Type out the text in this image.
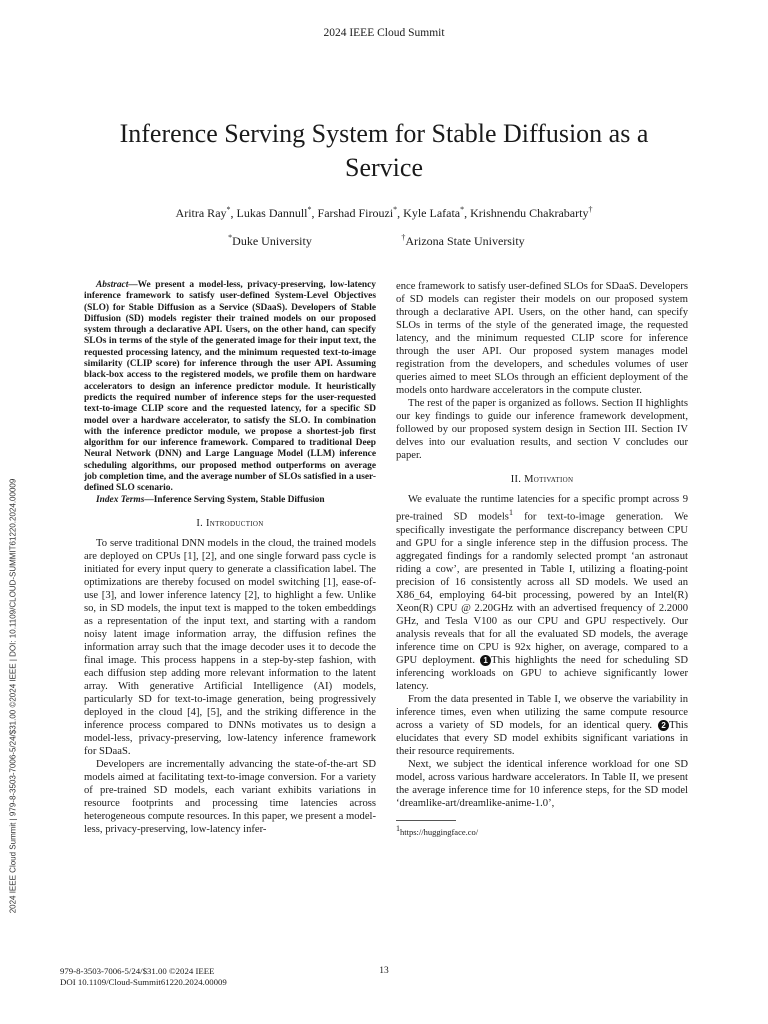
2024 IEEE Cloud Summit
Inference Serving System for Stable Diffusion as a
Service
Aritra Ray*, Lukas Dannull*, Farshad Firouzi*, Kyle Lafata*, Krishnendu Chakrabarty†
*Duke University	†Arizona State University
2024 IEEE Cloud Summit | 979-8-3503-7006-5/24/$31.00 ©2024 IEEE | DOI: 10.1109/CLOUD-SUMMIT61220.2024.00009

Abstract—We present a model-less, privacy-preserving, low-latency inference framework to satisfy user-defined System-Level Objectives (SLO) for Stable Diffusion as a Service (SDaaS). Developers of Stable Diffusion (SD) models register their trained models on our proposed system through a declarative API. Users, on the other hand, can specify SLOs in terms of the style of the generated image for their input text, the requested processing latency, and the minimum requested text-to-image similarity (CLIP score) for inference through the user API. Assuming black-box access to the registered models, we profile them on hardware accelerators to design an inference predictor module. It heuristically predicts the required number of inference steps for the user-requested text-to-image CLIP score and the requested latency, for a specific SD model over a hardware accelerator, to satisfy the SLO. In combination with the inference predictor module, we propose a shortest-job first algorithm for our inference framework. Compared to traditional Deep Neural Network (DNN) and Large Language Model (LLM) inference scheduling algorithms, our proposed method outperforms on average job completion time, and the average number of SLOs satisfied in a user-defined SLO scenario.

Index Terms—Inference Serving System, Stable Diffusion

I. Introduction

To serve traditional DNN models in the cloud, the trained models are deployed on CPUs [1], [2], and one single forward pass cycle is initiated for every input query to generate a classification label. The optimizations are thereby focused on model switching [1], ease-of-use [3], and lower inference latency [2], to highlight a few. Unlike so, in SD models, the input text is mapped to the token embeddings as a representation of the input text, and starting with a random noisy latent image information array, the diffusion refines the information array such that the image decoder uses it to decode the final image. This process happens in a step-by-step fashion, with each diffusion step adding more relevant information to the latent array. With generative Artificial Intelligence (AI) models, particularly SD for text-to-image generation, being progressively deployed in the cloud [4], [5], and the striking difference in the inference process compared to DNNs motivates us to design a model-less, privacy-preserving, low-latency inference framework for SDaaS.

Developers are incrementally advancing the state-of-the-art SD models aimed at facilitating text-to-image conversion. For a variety of pre-trained SD models, each variant exhibits variations in resource footprints and processing time latencies across heterogeneous compute resources. In this paper, we present a model-less, privacy-preserving, low-latency infer-

ence framework to satisfy user-defined SLOs for SDaaS. Developers of SD models can register their models on our proposed system through a declarative API. Users, on the other hand, can specify SLOs in terms of the style of the generated image, the requested latency, and the minimum requested CLIP score for inference through the user API. Our proposed system manages model registration from the developers, and schedules volumes of user queries aimed to meet SLOs through an efficient deployment of the models onto hardware accelerators in the compute cluster.

The rest of the paper is organized as follows. Section II highlights our key findings to guide our inference framework development, followed by our proposed system design in Section III. Section IV delves into our evaluation results, and section V concludes our paper.

II. Motivation

We evaluate the runtime latencies for a specific prompt across 9 pre-trained SD models$^1$ for text-to-image generation. We specifically investigate the performance discrepancy between CPU and GPU for a single inference step in the diffusion process. The aggregated findings for a randomly selected prompt ‘an astronaut riding a cow’, are presented in Table I, utilizing a floating-point precision of 16 consistently across all SD models. We used an X86_64, employing 64-bit processing, powered by an Intel(R) Xeon(R) CPU @ 2.20GHz with an advertised frequency of 2.2000 GHz, and Tesla V100 as our CPU and GPU respectively. Our analysis reveals that for all the evaluated SD models, the average inference time on CPU is 92x higher, on average, compared to a GPU deployment. 1 This highlights the need for scheduling SD inferencing workloads on GPU to achieve significantly lower latency.

From the data presented in Table I, we observe the variability in inference times, even when utilizing the same compute resource across a variety of SD models, for an identical query. 2 This elucidates that every SD model exhibits significant variations in their resource requirements.

Next, we subject the identical inference workload for one SD model, across various hardware accelerators. In Table II, we present the average inference time for 10 inference steps, for the SD model ‘dreamlike-art/dreamlike-anime-1.0’,

$^1$https://huggingface.co/

979-8-3503-7006-5/24/$31.00 ©2024 IEEE
DOI 10.1109/Cloud-Summit61220.2024.00009
13
